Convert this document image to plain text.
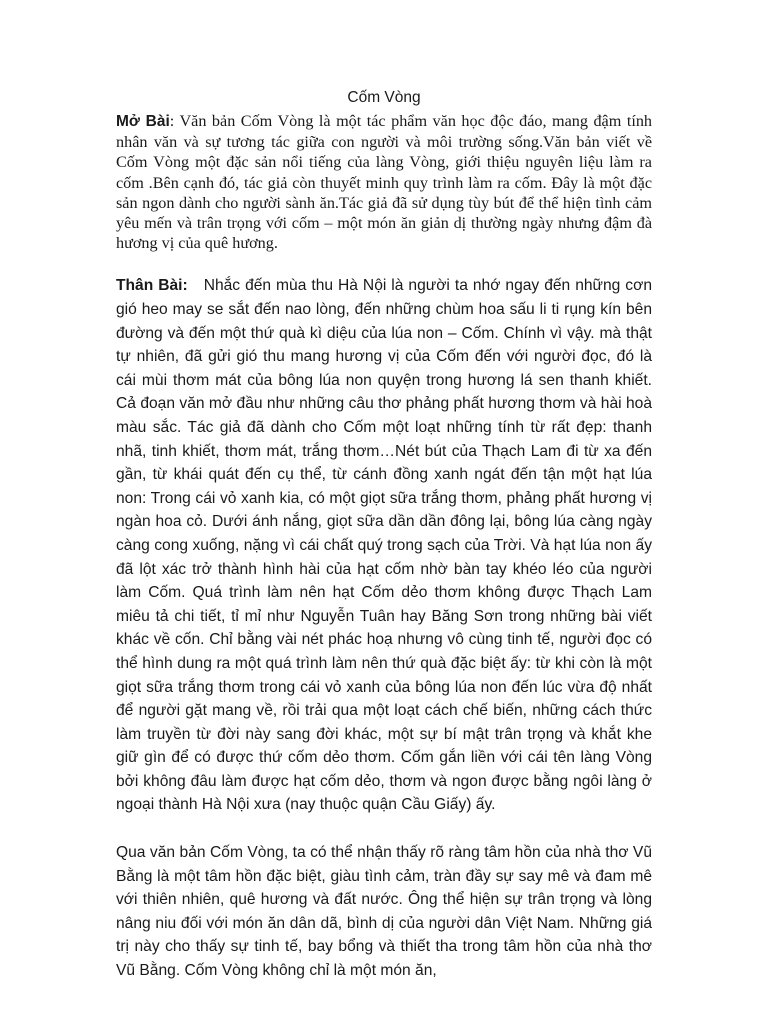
Cốm Vòng

Mở Bài: Văn bản Cốm Vòng là một tác phẩm văn học độc đáo, mang đậm tính nhân văn và sự tương tác giữa con người và môi trường sống.Văn bản viết về Cốm Vòng một đặc sản nổi tiếng của làng Vòng, giới thiệu nguyên liệu làm ra cốm .Bên cạnh đó, tác giả còn thuyết minh quy trình làm ra cốm. Đây là một đặc sản ngon dành cho người sành ăn.Tác giả đã sử dụng tùy bút để thể hiện tình cảm yêu mến và trân trọng với cốm – một món ăn giản dị thường ngày nhưng đậm đà hương vị của quê hương.

Thân Bài: Nhắc đến mùa thu Hà Nội là người ta nhớ ngay đến những cơn gió heo may se sắt đến nao lòng, đến những chùm hoa sấu li ti rụng kín bên đường và đến một thứ quà kì diệu của lúa non – Cốm. Chính vì vậy. mà thật tự nhiên, đã gửi gió thu mang hương vị của Cốm đến với người đọc, đó là cái mùi thơm mát của bông lúa non quyện trong hương lá sen thanh khiết. Cả đoạn văn mở đầu như những câu thơ phảng phất hương thơm và hài hoà màu sắc. Tác giả đã dành cho Cốm một loạt những tính từ rất đẹp: thanh nhã, tinh khiết, thơm mát, trắng thơm…Nét bút của Thạch Lam đi từ xa đến gần, từ khái quát đến cụ thể, từ cánh đồng xanh ngát đến tận một hạt lúa non: Trong cái vỏ xanh kia, có một giọt sữa trắng thơm, phảng phất hương vị ngàn hoa cỏ. Dưới ánh nắng, giọt sữa dần dần đông lại, bông lúa càng ngày càng cong xuống, nặng vì cái chất quý trong sạch của Trời. Và hạt lúa non ấy đã lột xác trở thành hình hài của hạt cốm nhờ bàn tay khéo léo của người làm Cốm. Quá trình làm nên hạt Cốm dẻo thơm không được Thạch Lam miêu tả chi tiết, tỉ mỉ như Nguyễn Tuân hay Băng Sơn trong những bài viết khác về cốn. Chỉ bằng vài nét phác hoạ nhưng vô cùng tinh tế, người đọc có thể hình dung ra một quá trình làm nên thứ quà đặc biệt ấy: từ khi còn là một giọt sữa trắng thơm trong cái vỏ xanh của bông lúa non đến lúc vừa độ nhất để người gặt mang về, rồi trải qua một loạt cách chế biến, những cách thức làm truyền từ đời này sang đời khác, một sự bí mật trân trọng và khắt khe giữ gìn để có được thứ cốm dẻo thơm. Cốm gắn liền với cái tên làng Vòng bởi không đâu làm được hạt cốm dẻo, thơm và ngon được bằng ngôi làng ở ngoại thành Hà Nội xưa (nay thuộc quận Cầu Giấy) ấy.

Qua văn bản Cốm Vòng, ta có thể nhận thấy rõ ràng tâm hồn của nhà thơ Vũ Bằng là một tâm hồn đặc biệt, giàu tình cảm, tràn đầy sự say mê và đam mê với thiên nhiên, quê hương và đất nước. Ông thể hiện sự trân trọng và lòng nâng niu đối với món ăn dân dã, bình dị của người dân Việt Nam. Những giá trị này cho thấy sự tinh tế, bay bổng và thiết tha trong tâm hồn của nhà thơ Vũ Bằng. Cốm Vòng không chỉ là một món ăn,
